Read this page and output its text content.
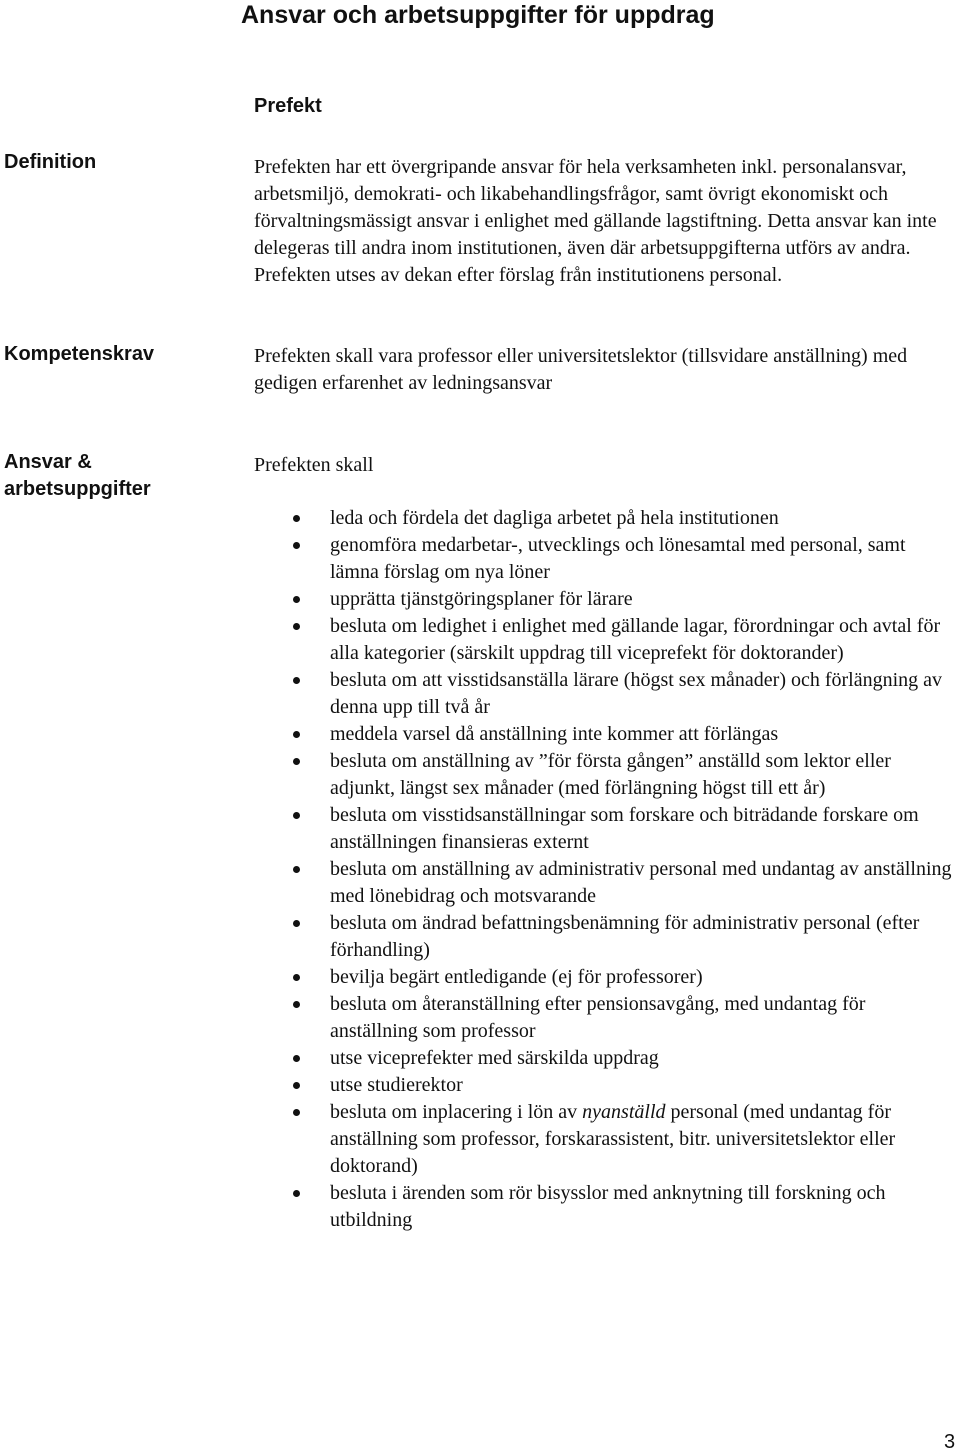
Ansvar och arbetsuppgifter för uppdrag
Prefekt
Definition	Prefekten har ett övergripande ansvar för hela verksamheten inkl. personalansvar, arbetsmiljö, demokrati- och likabehandlingsfrågor, samt övrigt ekonomiskt och förvaltningsmässigt ansvar i enlighet med gällande lagstiftning. Detta ansvar kan inte delegeras till andra inom institutionen, även där arbetsuppgifterna utförs av andra. Prefekten utses av dekan efter förslag från institutionens personal.
Kompetenskrav	Prefekten skall vara professor eller universitetslektor (tillsvidare anställning) med gedigen erfarenhet av ledningsansvar
Ansvar & arbetsuppgifter
Prefekten skall
leda och fördela det dagliga arbetet på hela institutionen
genomföra medarbetar-, utvecklings och lönesamtal med personal, samt lämna förslag om nya löner
upprätta tjänstgöringsplaner för lärare
besluta om ledighet i enlighet med gällande lagar, förordningar och avtal för alla kategorier (särskilt uppdrag till viceprefekt för doktorander)
besluta om att visstidsanställa lärare (högst sex månader) och förlängning av denna upp till två år
meddela varsel då anställning inte kommer att förlängas
besluta om anställning av ”för första gången” anställd som lektor eller adjunkt, längst sex månader (med förlängning högst till ett år)
besluta om visstidsanställningar som forskare och biträdande forskare om anställningen finansieras externt
besluta om anställning av administrativ personal med undantag av anställning med lönebidrag och motsvarande
besluta om ändrad befattningsbenämning för administrativ personal (efter förhandling)
bevilja begärt entledigande (ej för professorer)
besluta om återanställning efter pensionsavgång, med undantag för anställning som professor
utse viceprefekter med särskilda uppdrag
utse studierektor
besluta om inplacering i lön av nyanställd personal (med undantag för anställning som professor, forskarassistent, bitr. universitetslektor eller doktorand)
besluta i ärenden som rör bisysslor med anknytning till forskning och utbildning
3
